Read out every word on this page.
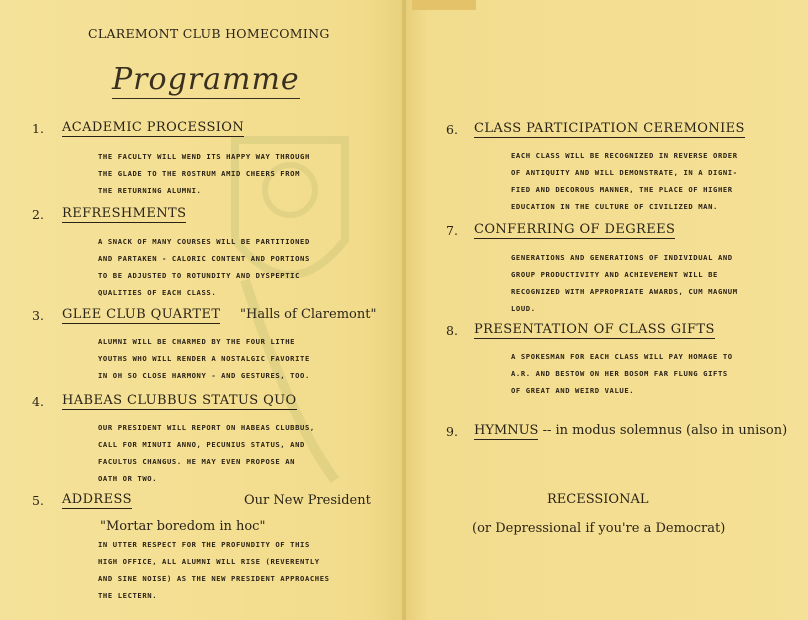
CLAREMONT CLUB HOMECOMING
Programme
1. ACADEMIC PROCESSION
THE FACULTY WILL WEND ITS HAPPY WAY THROUGH
THE GLADE TO THE ROSTRUM AMID CHEERS FROM
THE RETURNING ALUMNI.
2. REFRESHMENTS
A SNACK OF MANY COURSES WILL BE PARTITIONED
AND PARTAKEN - CALORIC CONTENT AND PORTIONS
TO BE ADJUSTED TO ROTUNDITY AND DYSPEPTIC
QUALITIES OF EACH CLASS.
3. GLEE CLUB QUARTET "Halls of Claremont"
ALUMNI WILL BE CHARMED BY THE FOUR LITHE
YOUTHS WHO WILL RENDER A NOSTALGIC FAVORITE
IN OH SO CLOSE HARMONY - AND GESTURES, TOO.
4. HABEAS CLUBBUS STATUS QUO
OUR PRESIDENT WILL REPORT ON HABEAS CLUBBUS,
CALL FOR MINUTI ANNO, PECUNIUS STATUS, AND
FACULTUS CHANGUS. HE MAY EVEN PROPOSE AN
OATH OR TWO.
5. ADDRESS	Our New President
"Mortar boredom in hoc"
IN UTTER RESPECT FOR THE PROFUNDITY OF THIS
HIGH OFFICE, ALL ALUMNI WILL RISE (REVERENTLY
AND SINE NOISE) AS THE NEW PRESIDENT APPROACHES
THE LECTERN.
6. CLASS PARTICIPATION CEREMONIES
EACH CLASS WILL BE RECOGNIZED IN REVERSE ORDER
OF ANTIQUITY AND WILL DEMONSTRATE, IN A DIGNI-
FIED AND DECOROUS MANNER, THE PLACE OF HIGHER
EDUCATION IN THE CULTURE OF CIVILIZED MAN.
7. CONFERRING OF DEGREES
GENERATIONS AND GENERATIONS OF INDIVIDUAL AND
GROUP PRODUCTIVITY AND ACHIEVEMENT WILL BE
RECOGNIZED WITH APPROPRIATE AWARDS, CUM MAGNUM
LOUD.
8. PRESENTATION OF CLASS GIFTS
A SPOKESMAN FOR EACH CLASS WILL PAY HOMAGE TO
A.R. AND BESTOW ON HER BOSOM FAR FLUNG GIFTS
OF GREAT AND WEIRD VALUE.
9. HYMNUS -- in modus solemnus (also in unison)
RECESSIONAL
(or Depressional if you're a Democrat)
